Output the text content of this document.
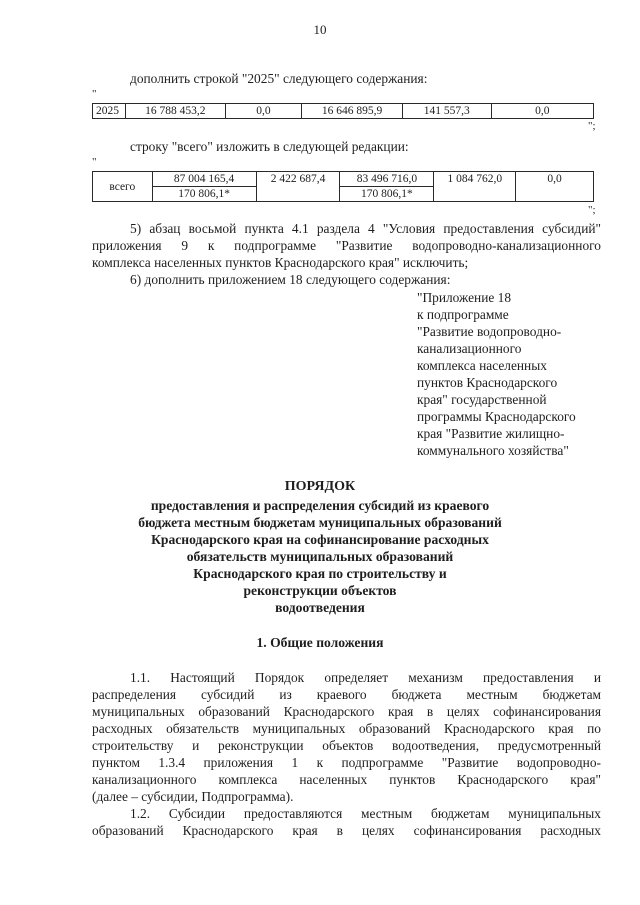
10
дополнить строкой "2025" следующего содержания:
"
2025	16 788 453,2	0,0	16 646 895,9	141 557,3	0,0
";
строку "всего" изложить в следующей редакции:
"
всего	87 004 165,4	2 422 687,4	83 496 716,0	1 084 762,0	0,0
	170 806,1*		170 806,1*		
";
5) абзац восьмой пункта 4.1 раздела 4 "Условия предоставления субсидий"
приложения 9 к подпрограмме "Развитие водопроводно-канализационного
комплекса населенных пунктов Краснодарского края" исключить;
6) дополнить приложением 18 следующего содержания:
"Приложение 18
к подпрограмме
"Развитие водопроводно-
канализационного
комплекса населенных
пунктов Краснодарского
края" государственной
программы Краснодарского
края "Развитие жилищно-
коммунального хозяйства"
ПОРЯДОК
предоставления и распределения субсидий из краевого
бюджета местным бюджетам муниципальных образований
Краснодарского края на софинансирование расходных
обязательств муниципальных образований
Краснодарского края по строительству и
реконструкции объектов
водоотведения
1. Общие положения
1.1. Настоящий Порядок определяет механизм предоставления и
распределения субсидий из краевого бюджета местным бюджетам
муниципальных образований Краснодарского края в целях софинансирования
расходных обязательств муниципальных образований Краснодарского края по
строительству и реконструкции объектов водоотведения, предусмотренный
пунктом 1.3.4 приложения 1 к подпрограмме "Развитие водопроводно-
канализационного комплекса населенных пунктов Краснодарского края"
(далее – субсидии, Подпрограмма).
1.2. Субсидии предоставляются местным бюджетам муниципальных
образований Краснодарского края в целях софинансирования расходных
